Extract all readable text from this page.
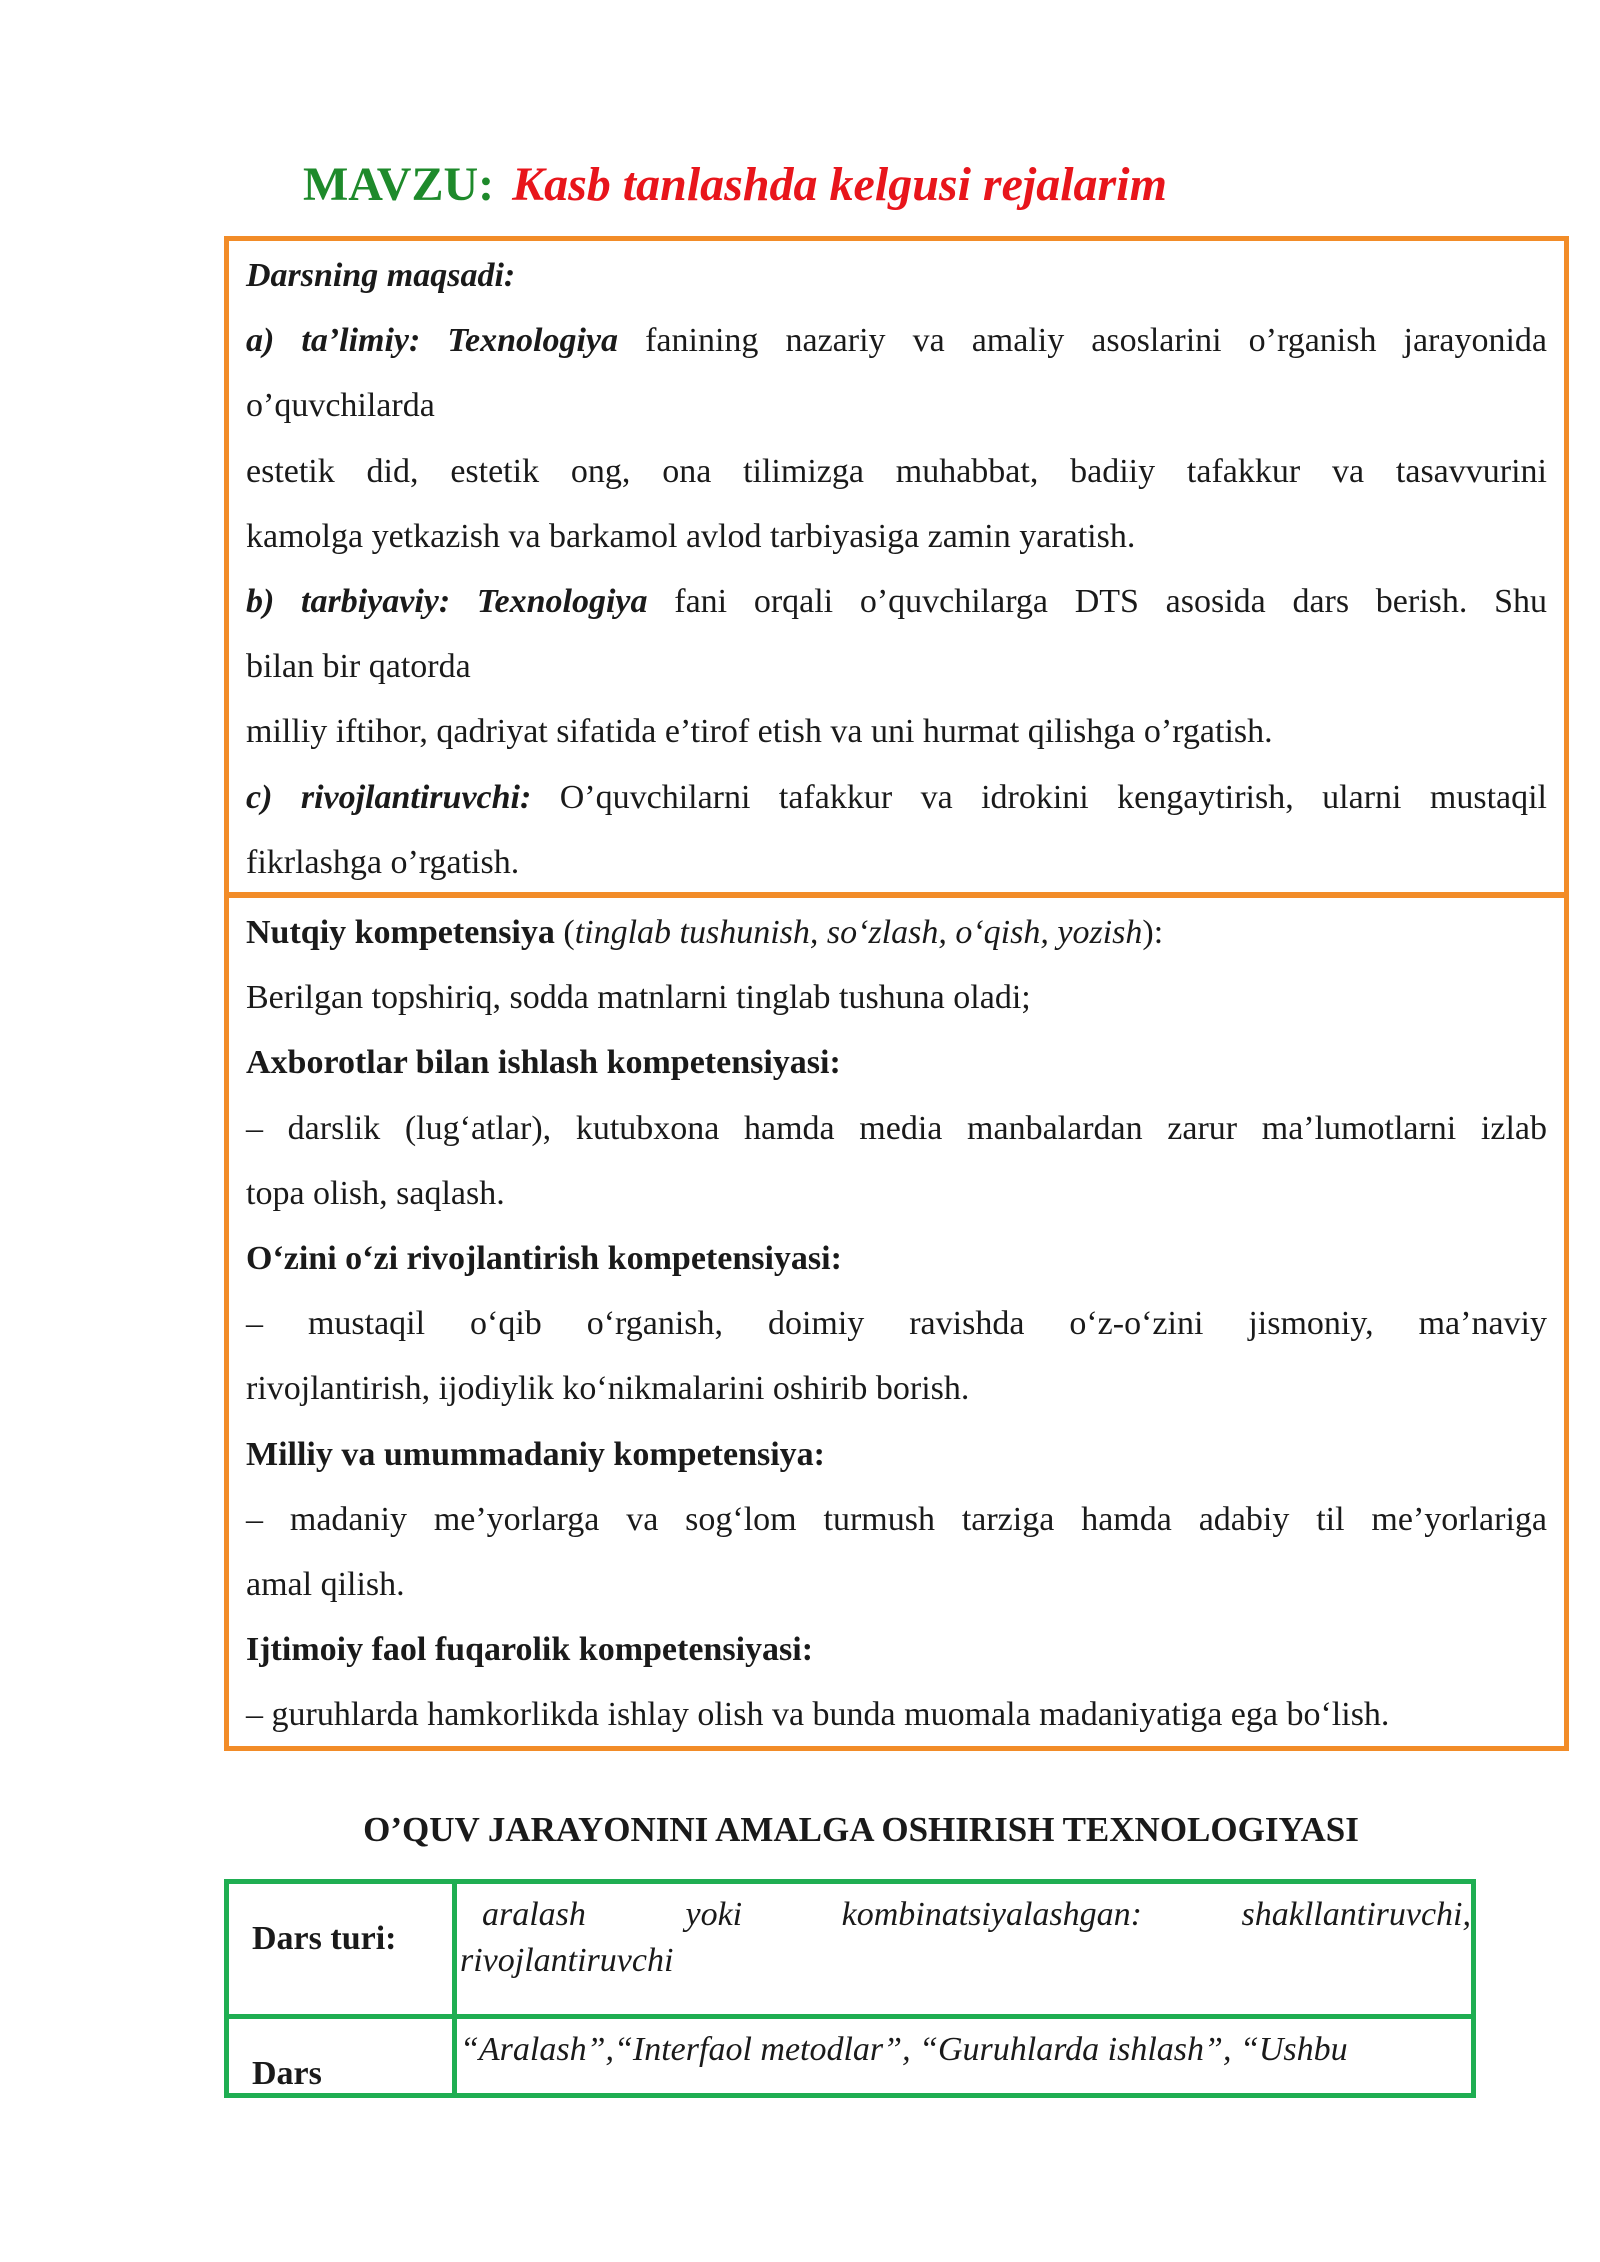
MAVZU: Kasb tanlashda kelgusi rejalarim

Darsning maqsadi:

a) ta’limiy: Texnologiya fanining nazariy va amaliy asoslarini o’rganish jarayonida

o’quvchilarda

estetik did, estetik ong, ona tilimizga muhabbat, badiiy tafakkur va tasavvurini

kamolga yetkazish va barkamol avlod tarbiyasiga zamin yaratish.

b) tarbiyaviy: Texnologiya fani orqali o’quvchilarga DTS asosida dars berish. Shu

bilan bir qatorda

milliy iftihor, qadriyat sifatida e’tirof etish va uni hurmat qilishga o’rgatish.

c) rivojlantiruvchi: O’quvchilarni tafakkur va idrokini kengaytirish, ularni mustaqil

fikrlashga o’rgatish.

Nutqiy kompetensiya (tinglab tushunish, so‘zlash, o‘qish, yozish):

Berilgan topshiriq, sodda matnlarni tinglab tushuna oladi;

Axborotlar bilan ishlash kompetensiyasi:

– darslik (lug‘atlar), kutubxona hamda media manbalardan zarur ma’lumotlarni izlab

topa olish, saqlash.

O‘zini o‘zi rivojlantirish kompetensiyasi:

– mustaqil o‘qib o‘rganish, doimiy ravishda o‘z-o‘zini jismoniy, ma’naviy

rivojlantirish, ijodiylik ko‘nikmalarini oshirib borish.

Milliy va umummadaniy kompetensiya:

– madaniy me’yorlarga va sog‘lom turmush tarziga hamda adabiy til me’yorlariga

amal qilish.

Ijtimoiy faol fuqarolik kompetensiyasi:

– guruhlarda hamkorlikda ishlay olish va bunda muomala madaniyatiga ega bo‘lish.

O’QUV JARAYONINI AMALGA OSHIRISH TEXNOLOGIYASI
Dars turi:	aralash yoki kombinatsiyalashgan: shakllantiruvchi,
rivojlantiruvchi

Dars	“Aralash”,“Interfaol metodlar”, “Guruhlarda ishlash”, “Ushbu
